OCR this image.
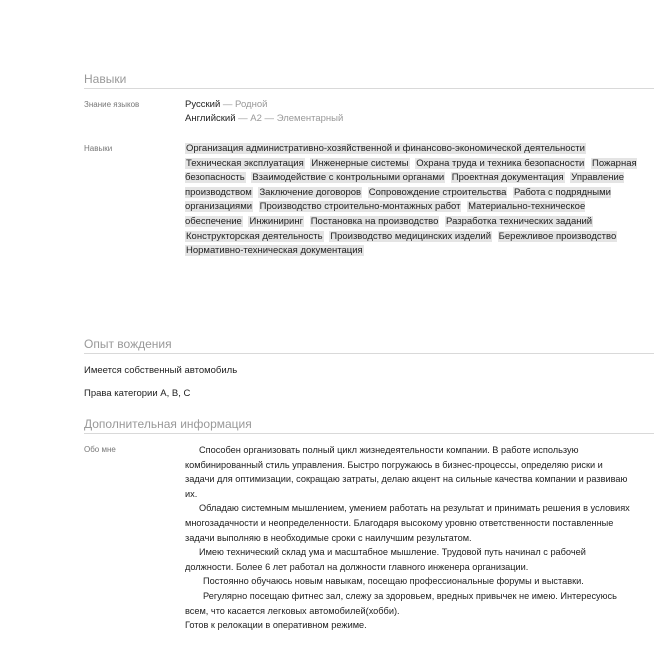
Навыки
Знание языков	Русский — Родной
Английский — A2 — Элементарный
Навыки	Организация административно-хозяйственной и финансово-экономической деятельности Техническая эксплуатация Инженерные системы Охрана труда и техника безопасности Пожарная безопасность Взаимодействие с контрольными органами Проектная документация Управление производством Заключение договоров Сопровождение строительства Работа с подрядными организациями Производство строительно-монтажных работ Материально-техническое обеспечение Инжиниринг Постановка на производство Разработка технических заданий Конструкторская деятельность Производство медицинских изделий Бережливое производство Нормативно-техническая документация
Опыт вождения
Имеется собственный автомобиль
Права категории A, B, C
Дополнительная информация
Обо мне	Способен организовать полный цикл жизнедеятельности компании. В работе использую комбинированный стиль управления. Быстро погружаюсь в бизнес-процессы, определяю риски и задачи для оптимизации, сокращаю затраты, делаю акцент на сильные качества компании и развиваю их.

Обладаю системным мышлением, умением работать на результат и принимать решения в условиях многозадачности и неопределенности. Благодаря высокому уровню ответственности поставленные задачи выполняю в необходимые сроки с наилучшим результатом.

Имею технический склад ума и масштабное мышление. Трудовой путь начинал с рабочей должности. Более 6 лет работал на должности главного инженера организации.

Постоянно обучаюсь новым навыкам, посещаю профессиональные форумы и выставки.

Регулярно посещаю фитнес зал, слежу за здоровьем, вредных привычек не имею. Интересуюсь всем, что касается легковых автомобилей(хобби).

Готов к релокации в оперативном режиме.
